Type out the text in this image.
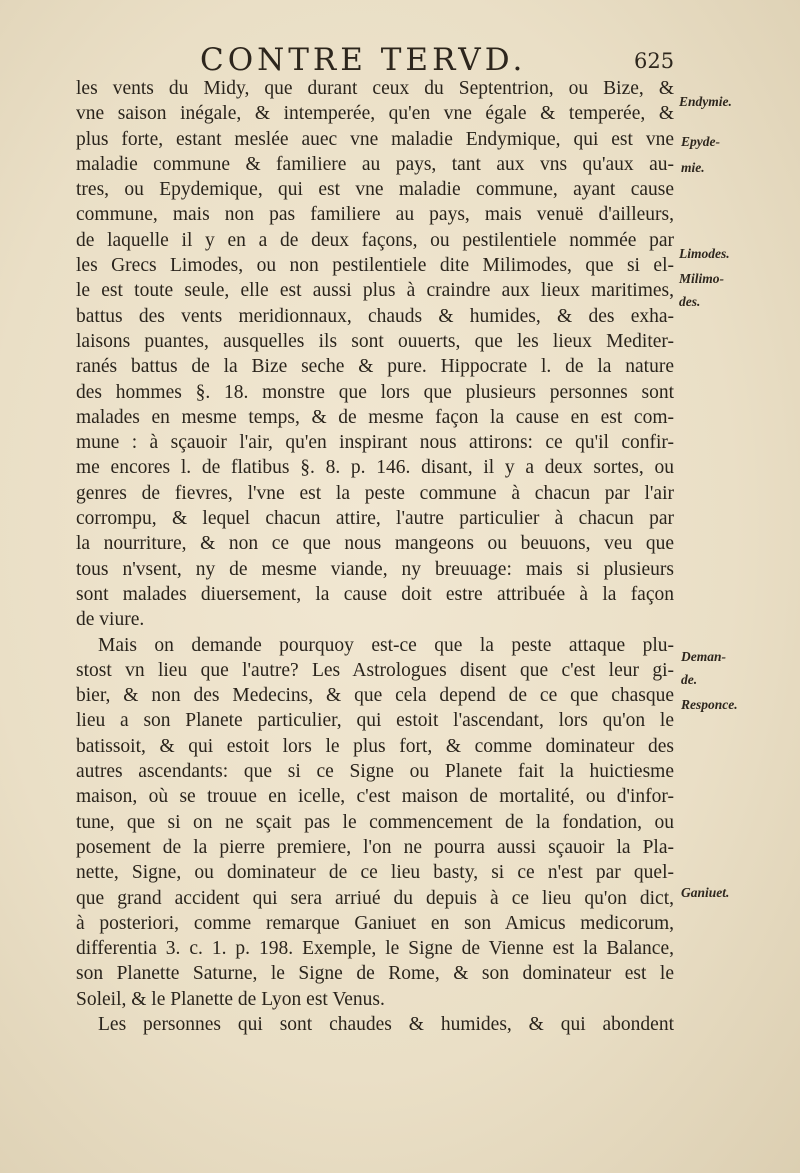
CONTRE TERVD.	625
les vents du Midy, que durant ceux du Septentrion, ou Bize, &
vne saison inégale, & intemperée, qu'en vne égale & temperée, &
plus forte, estant meslée auec vne maladie Endymique, qui est vne
maladie commune & familiere au pays, tant aux vns qu'aux au-
tres, ou Epydemique, qui est vne maladie commune, ayant cause
commune, mais non pas familiere au pays, mais venuë d'ailleurs,
de laquelle il y en a de deux façons, ou pestilentiele nommée par
les Grecs Limodes, ou non pestilentiele dite Milimodes, que si el-
le est toute seule, elle est aussi plus à craindre aux lieux maritimes,
battus des vents meridionnaux, chauds & humides, & des exha-
laisons puantes, ausquelles ils sont ouuerts, que les lieux Mediter-
ranés battus de la Bize seche & pure. Hippocrate l. de la nature
des hommes §. 18. monstre que lors que plusieurs personnes sont
malades en mesme temps, & de mesme façon la cause en est com-
mune : à sçauoir l'air, qu'en inspirant nous attirons: ce qu'il confir-
me encores l. de flatibus §. 8. p. 146. disant, il y a deux sortes, ou
genres de fievres, l'vne est la peste commune à chacun par l'air
corrompu, & lequel chacun attire, l'autre particulier à chacun par
la nourriture, & non ce que nous mangeons ou beuuons, veu que
tous n'vsent, ny de mesme viande, ny breuuage: mais si plusieurs
sont malades diuersement, la cause doit estre attribuée à la façon
de viure.
Mais on demande pourquoy est-ce que la peste attaque plu-
stost vn lieu que l'autre? Les Astrologues disent que c'est leur gi-
bier, & non des Medecins, & que cela depend de ce que chasque
lieu a son Planete particulier, qui estoit l'ascendant, lors qu'on le
batissoit, & qui estoit lors le plus fort, & comme dominateur des
autres ascendants: que si ce Signe ou Planete fait la huictiesme
maison, où se trouue en icelle, c'est maison de mortalité, ou d'infor-
tune, que si on ne sçait pas le commencement de la fondation, ou
posement de la pierre premiere, l'on ne pourra aussi sçauoir la Pla-
nette, Signe, ou dominateur de ce lieu basty, si ce n'est par quel-
que grand accident qui sera arriué du depuis à ce lieu qu'on dict,
à posteriori, comme remarque Ganiuet en son Amicus medicorum,
differentia 3. c. 1. p. 198. Exemple, le Signe de Vienne est la Balance,
son Planette Saturne, le Signe de Rome, & son dominateur est le
Soleil, & le Planette de Lyon est Venus.
Les personnes qui sont chaudes & humides, & qui abondent
Endymie.
Epyde-
mie.
Limodes.
Milimo-
des.
Deman-
de.
Responce.
Ganiuet.
